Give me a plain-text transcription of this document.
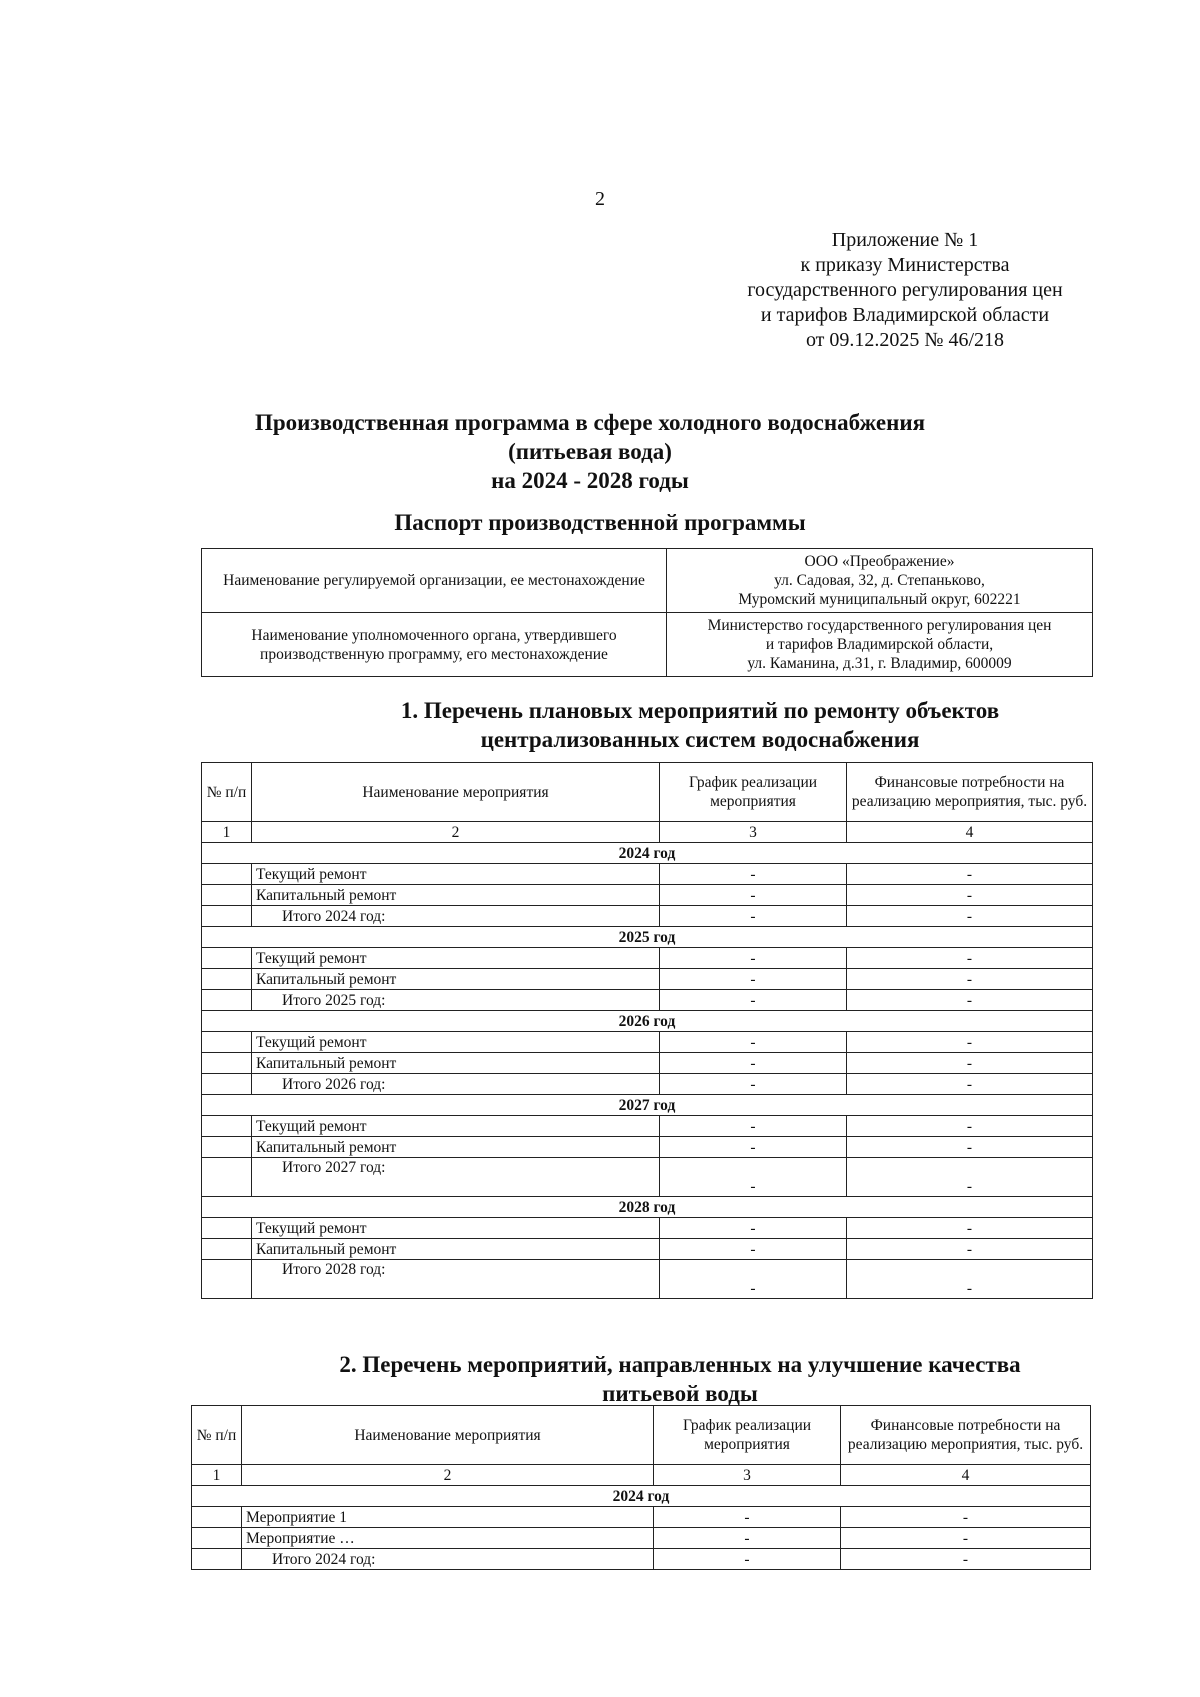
2
Приложение № 1
к приказу Министерства
государственного регулирования цен
и тарифов Владимирской области
от 09.12.2025 № 46/218
Производственная программа в сфере холодного водоснабжения
(питьевая вода)
на 2024 - 2028 годы
Паспорт производственной программы
Наименование регулируемой организации, ее местонахождение	ООО «Преображение»
ул. Садовая, 32, д. Степаньково,
Муромский муниципальный округ, 602221

Наименование уполномоченного органа, утвердившего производственную программу, его местонахождение	Министерство государственного регулирования цен
и тарифов Владимирской области,
ул. Каманина, д.31, г. Владимир, 600009
1. Перечень плановых мероприятий по ремонту объектов
централизованных систем водоснабжения
№ п/п	Наименование мероприятия	График реализации мероприятия	Финансовые потребности на реализацию мероприятия, тыс. руб.
1	2	3	4
2024 год			
	Текущий ремонт	-	-
	Капитальный ремонт	-	-
	Итого 2024 год:	-	-
2025 год			
	Текущий ремонт	-	-
	Капитальный ремонт	-	-
	Итого 2025 год:	-	-
2026 год			
	Текущий ремонт	-	-
	Капитальный ремонт	-	-
	Итого 2026 год:	-	-
2027 год			
	Текущий ремонт	-	-
	Капитальный ремонт	-	-
	Итого 2027 год:	-	-
2028 год			
	Текущий ремонт	-	-
	Капитальный ремонт	-	-
	Итого 2028 год:	-	-
2. Перечень мероприятий, направленных на улучшение качества
питьевой воды
№ п/п	Наименование мероприятия	График реализации мероприятия	Финансовые потребности на реализацию мероприятия, тыс. руб.
1	2	3	4
2024 год			
	Мероприятие 1	-	-
	Мероприятие …	-	-
	Итого 2024 год:	-	-
